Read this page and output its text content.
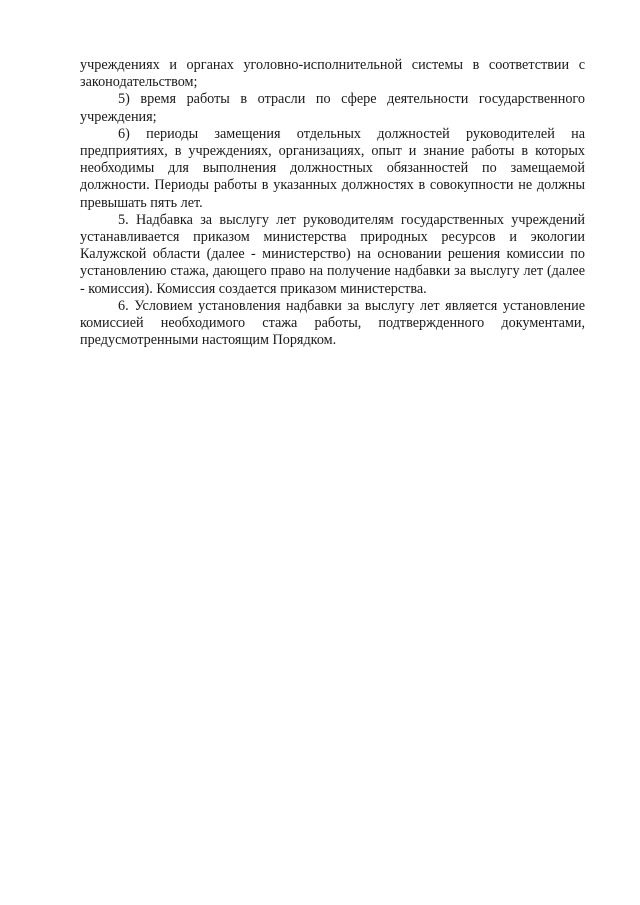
учреждениях и органах уголовно-исполнительной системы в соответствии с законодательством;

5) время работы в отрасли по сфере деятельности государственного учреждения;

6) периоды замещения отдельных должностей руководителей на предприятиях, в учреждениях, организациях, опыт и знание работы в которых необходимы для выполнения должностных обязанностей по замещаемой должности. Периоды работы в указанных должностях в совокупности не должны превышать пять лет.

5. Надбавка за выслугу лет руководителям государственных учреждений устанавливается приказом министерства природных ресурсов и экологии Калужской области (далее - министерство) на основании решения комиссии по установлению стажа, дающего право на получение надбавки за выслугу лет (далее - комиссия). Комиссия создается приказом министерства.

6. Условием установления надбавки за выслугу лет является установление комиссией необходимого стажа работы, подтвержденного документами, предусмотренными настоящим Порядком.
